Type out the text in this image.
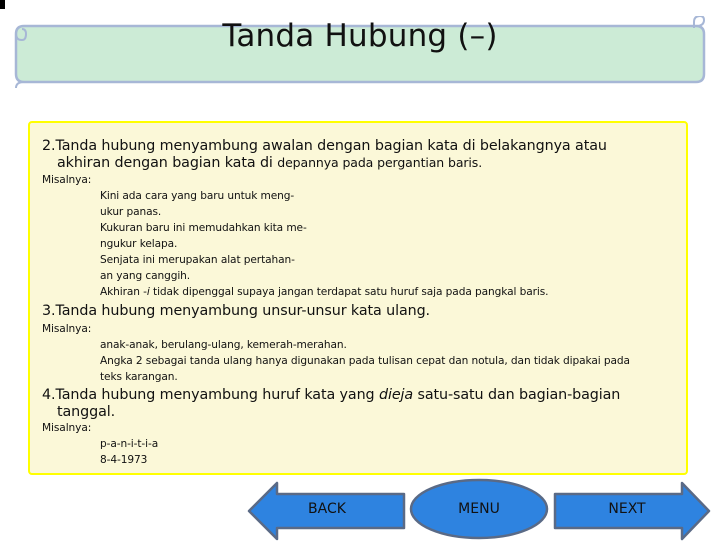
Tanda Hubung (–)
2.Tanda hubung menyambung awalan dengan bagian kata di belakangnya atau
akhiran dengan bagian kata di depannya pada pergantian baris.
Misalnya:
Kini ada cara yang baru untuk meng-
ukur panas.
Kukuran baru ini memudahkan kita me-
ngukur kelapa.
Senjata ini merupakan alat pertahan-
an yang canggih.
Akhiran -i tidak dipenggal supaya jangan terdapat satu huruf saja pada pangkal baris.
3.Tanda hubung menyambung unsur-unsur kata ulang.
Misalnya:
anak-anak, berulang-ulang, kemerah-merahan.
Angka 2 sebagai tanda ulang hanya digunakan pada tulisan cepat dan notula, dan tidak dipakai pada
teks karangan.
4.Tanda hubung menyambung huruf kata yang dieja satu-satu dan bagian-bagian
tanggal.
Misalnya:
p-a-n-i-t-i-a
8-4-1973
BACK	MENU	NEXT
